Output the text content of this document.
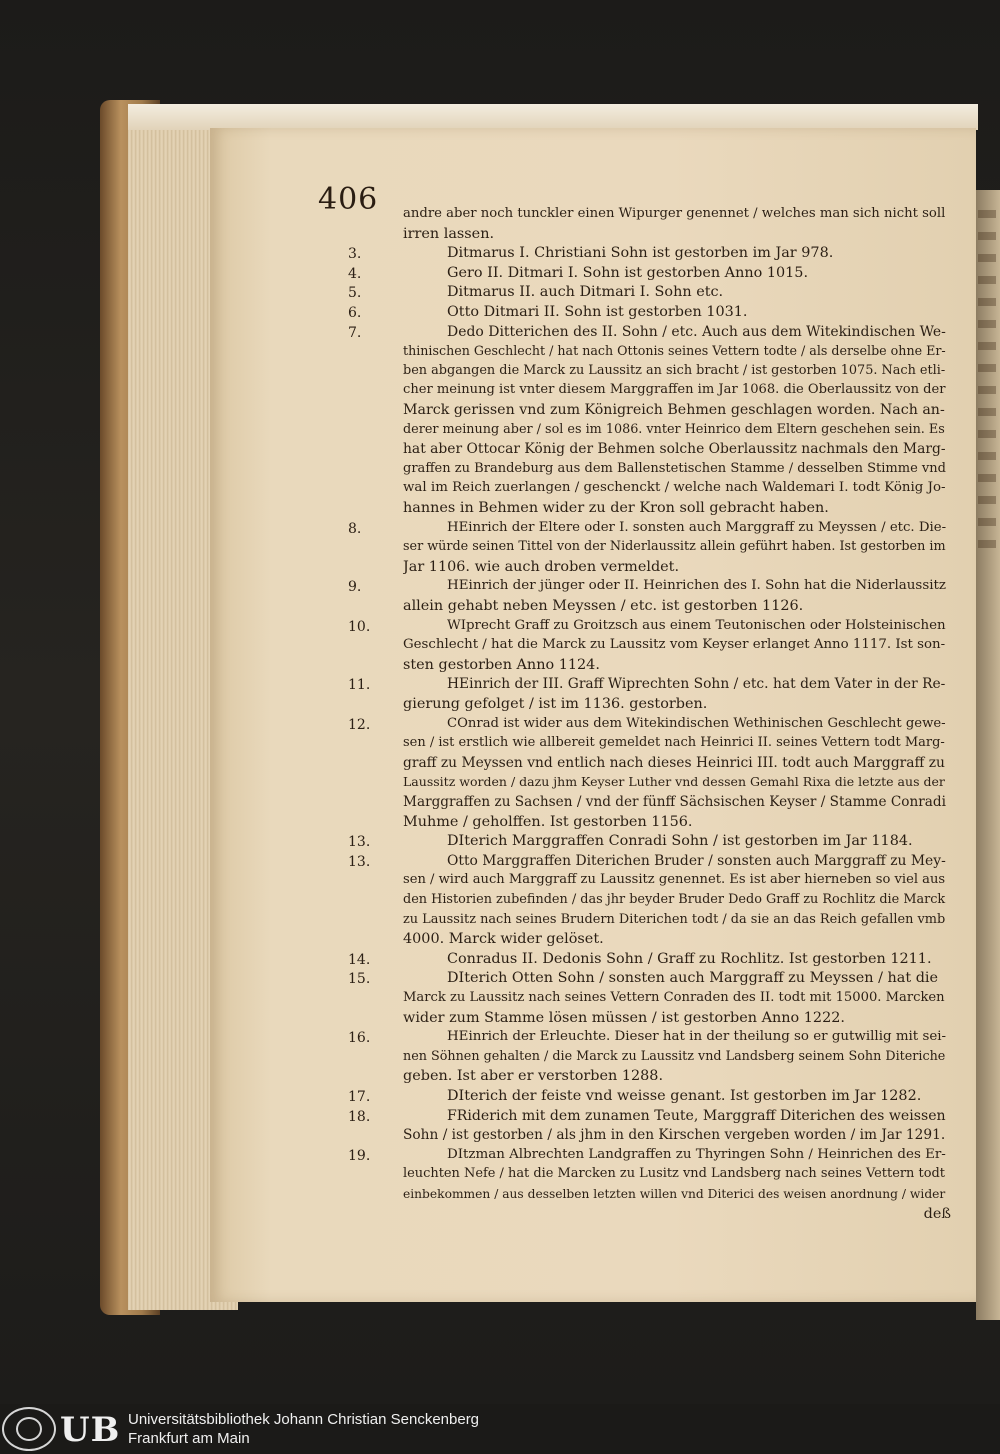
406 andre aber noch tunckler einen Wipurger genennet / welches man sich nicht soll
irren lassen.
3.	Ditmarus I. Christiani Sohn ist gestorben im Jar 978.
4.	Gero II. Ditmari I. Sohn ist gestorben Anno 1015.
5.	Ditmarus II. auch Ditmari I. Sohn etc.
6.	Otto Ditmari II. Sohn ist gestorben 1031.
7.	Dedo Ditterichen des II. Sohn / etc. Auch aus dem Witekindischen We-
thinischen Geschlecht / hat nach Ottonis seines Vettern todte / als derselbe ohne Er-
ben abgangen die Marck zu Laussitz an sich bracht / ist gestorben 1075. Nach etli-
cher meinung ist vnter diesem Marggraffen im Jar 1068. die Oberlaussitz von der
Marck gerissen vnd zum Königreich Behmen geschlagen worden. Nach an-
derer meinung aber / sol es im 1086. vnter Heinrico dem Eltern geschehen sein. Es
hat aber Ottocar König der Behmen solche Oberlaussitz nachmals den Marg-
graffen zu Brandeburg aus dem Ballenstetischen Stamme / desselben Stimme vnd
wal im Reich zuerlangen / geschenckt / welche nach Waldemari I. todt König Jo-
hannes in Behmen wider zu der Kron soll gebracht haben.
8.	HEinrich der Eltere oder I. sonsten auch Marggraff zu Meyssen / etc. Die-
ser würde seinen Tittel von der Niderlaussitz allein geführt haben. Ist gestorben im
Jar 1106. wie auch droben vermeldet.
9.	HEinrich der jünger oder II. Heinrichen des I. Sohn hat die Niderlaussitz
allein gehabt neben Meyssen / etc. ist gestorben 1126.
10.	WIprecht Graff zu Groitzsch aus einem Teutonischen oder Holsteinischen
Geschlecht / hat die Marck zu Laussitz vom Keyser erlanget Anno 1117. Ist son-
sten gestorben Anno 1124.
11.	HEinrich der III. Graff Wiprechten Sohn / etc. hat dem Vater in der Re-
gierung gefolget / ist im 1136. gestorben.
12.	COnrad ist wider aus dem Witekindischen Wethinischen Geschlecht gewe-
sen / ist erstlich wie allbereit gemeldet nach Heinrici II. seines Vettern todt Marg-
graff zu Meyssen vnd entlich nach dieses Heinrici III. todt auch Marggraff zu
Laussitz worden / dazu jhm Keyser Luther vnd dessen Gemahl Rixa die letzte aus der
Marggraffen zu Sachsen / vnd der fünff Sächsischen Keyser / Stamme Conradi
Muhme / geholffen. Ist gestorben 1156.
13.	DIterich Marggraffen Conradi Sohn / ist gestorben im Jar 1184.
13.	Otto Marggraffen Diterichen Bruder / sonsten auch Marggraff zu Mey-
sen / wird auch Marggraff zu Laussitz genennet. Es ist aber hierneben so viel aus
den Historien zubefinden / das jhr beyder Bruder Dedo Graff zu Rochlitz die Marck
zu Laussitz nach seines Brudern Diterichen todt / da sie an das Reich gefallen vmb
4000. Marck wider gelöset.
14.	Conradus II. Dedonis Sohn / Graff zu Rochlitz. Ist gestorben 1211.
15.	DIterich Otten Sohn / sonsten auch Marggraff zu Meyssen / hat die
Marck zu Laussitz nach seines Vettern Conraden des II. todt mit 15000. Marcken
wider zum Stamme lösen müssen / ist gestorben Anno 1222.
16.	HEinrich der Erleuchte. Dieser hat in der theilung so er gutwillig mit sei-
nen Söhnen gehalten / die Marck zu Laussitz vnd Landsberg seinem Sohn Diteriche
geben. Ist aber er verstorben 1288.
17.	DIterich der feiste vnd weisse genant. Ist gestorben im Jar 1282.
18.	FRiderich mit dem zunamen Teute, Marggraff Diterichen des weissen
Sohn / ist gestorben / als jhm in den Kirschen vergeben worden / im Jar 1291.
19.	DItzman Albrechten Landgraffen zu Thyringen Sohn / Heinrichen des Er-
leuchten Nefe / hat die Marcken zu Lusitz vnd Landsberg nach seines Vettern todt
einbekommen / aus desselben letzten willen vnd Diterici des weisen anordnung / wider
deß
UB Universitätsbibliothek Johann Christian Senckenberg
Frankfurt am Main
